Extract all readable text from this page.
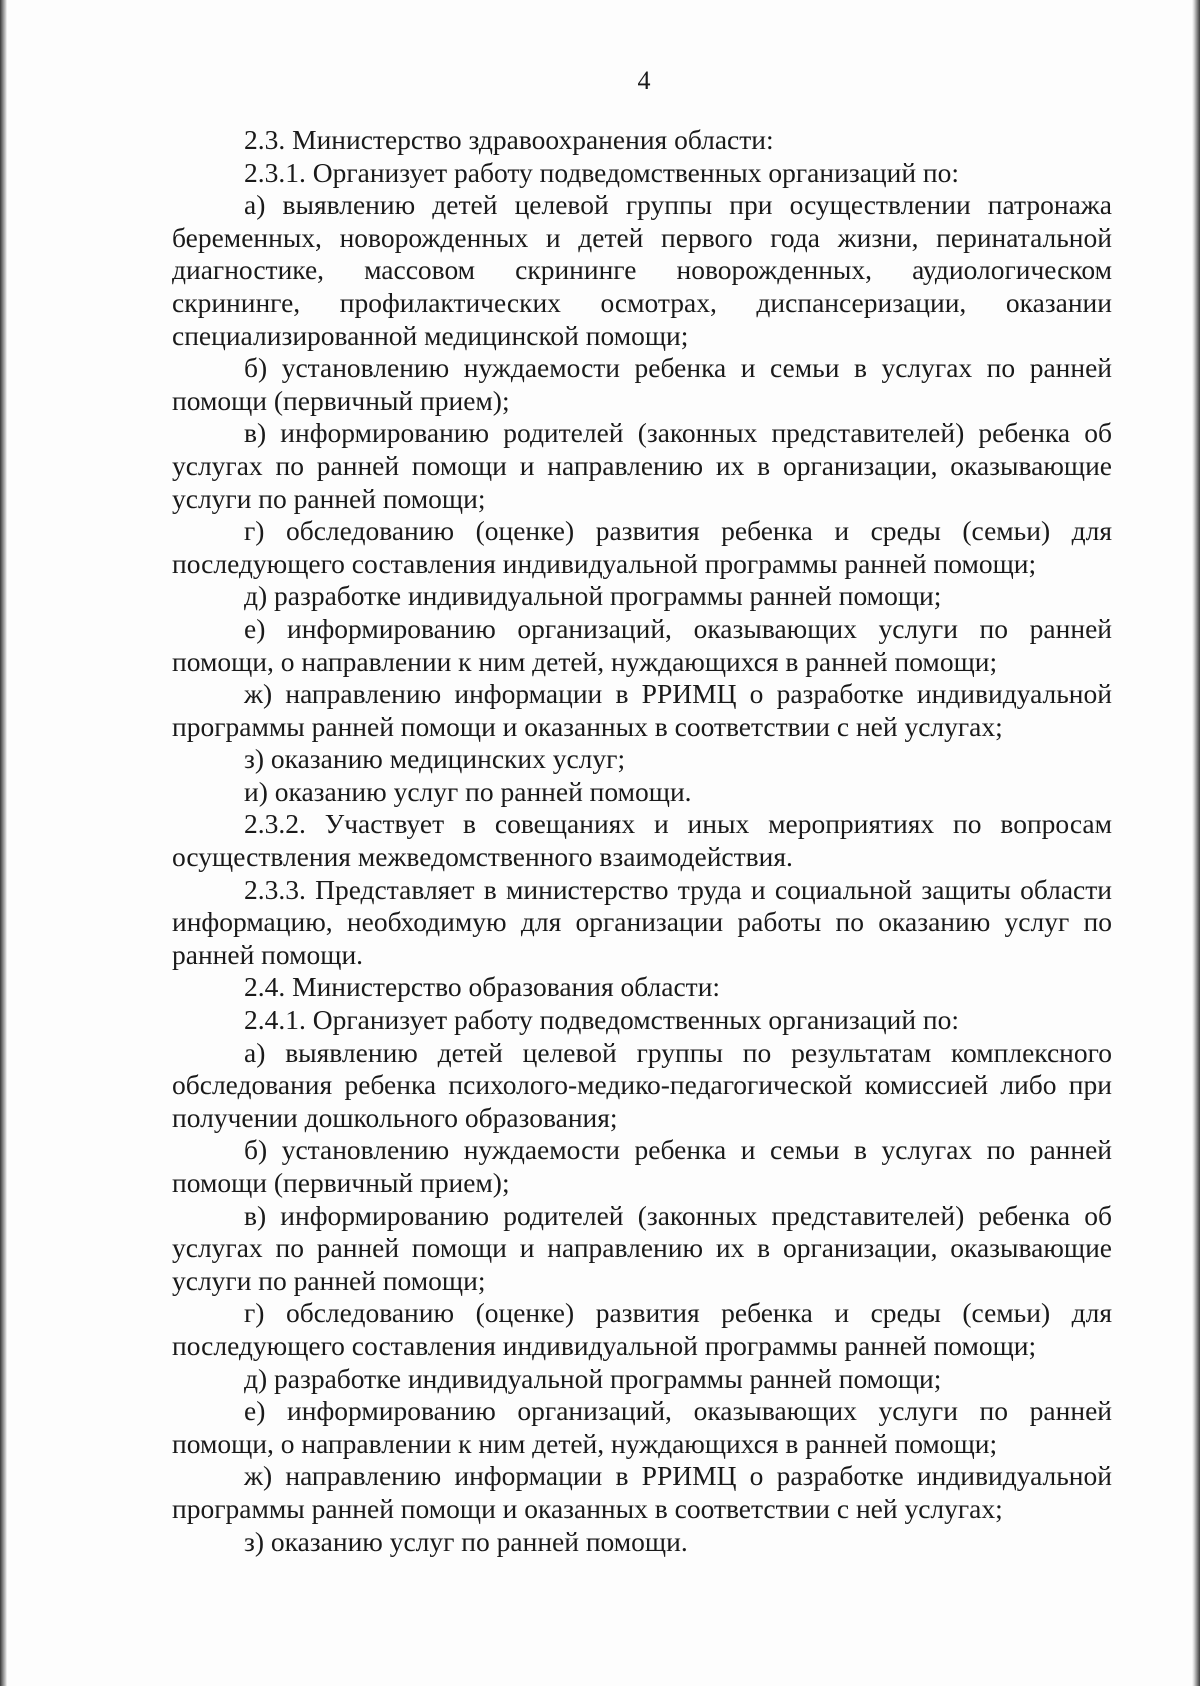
4

2.3. Министерство здравоохранения области:

2.3.1. Организует работу подведомственных организаций по:

а) выявлению детей целевой группы при осуществлении патронажа беременных, новорожденных и детей первого года жизни, перинатальной диагностике, массовом скрининге новорожденных, аудиологическом скрининге, профилактических осмотрах, диспансеризации, оказании специализированной медицинской помощи;

б) установлению нуждаемости ребенка и семьи в услугах по ранней помощи (первичный прием);

в) информированию родителей (законных представителей) ребенка об услугах по ранней помощи и направлению их в организации, оказывающие услуги по ранней помощи;

г) обследованию (оценке) развития ребенка и среды (семьи) для последующего составления индивидуальной программы ранней помощи;

д) разработке индивидуальной программы ранней помощи;

е) информированию организаций, оказывающих услуги по ранней помощи, о направлении к ним детей, нуждающихся в ранней помощи;

ж) направлению информации в РРИМЦ о разработке индивидуальной программы ранней помощи и оказанных в соответствии с ней услугах;

з) оказанию медицинских услуг;

и) оказанию услуг по ранней помощи.

2.3.2. Участвует в совещаниях и иных мероприятиях по вопросам осуществления межведомственного взаимодействия.

2.3.3. Представляет в министерство труда и социальной защиты области информацию, необходимую для организации работы по оказанию услуг по ранней помощи.

2.4. Министерство образования области:

2.4.1. Организует работу подведомственных организаций по:

а) выявлению детей целевой группы по результатам комплексного обследования ребенка психолого-медико-педагогической комиссией либо при получении дошкольного образования;

б) установлению нуждаемости ребенка и семьи в услугах по ранней помощи (первичный прием);

в) информированию родителей (законных представителей) ребенка об услугах по ранней помощи и направлению их в организации, оказывающие услуги по ранней помощи;

г) обследованию (оценке) развития ребенка и среды (семьи) для последующего составления индивидуальной программы ранней помощи;

д) разработке индивидуальной программы ранней помощи;

е) информированию организаций, оказывающих услуги по ранней помощи, о направлении к ним детей, нуждающихся в ранней помощи;

ж) направлению информации в РРИМЦ о разработке индивидуальной программы ранней помощи и оказанных в соответствии с ней услугах;

з) оказанию услуг по ранней помощи.
